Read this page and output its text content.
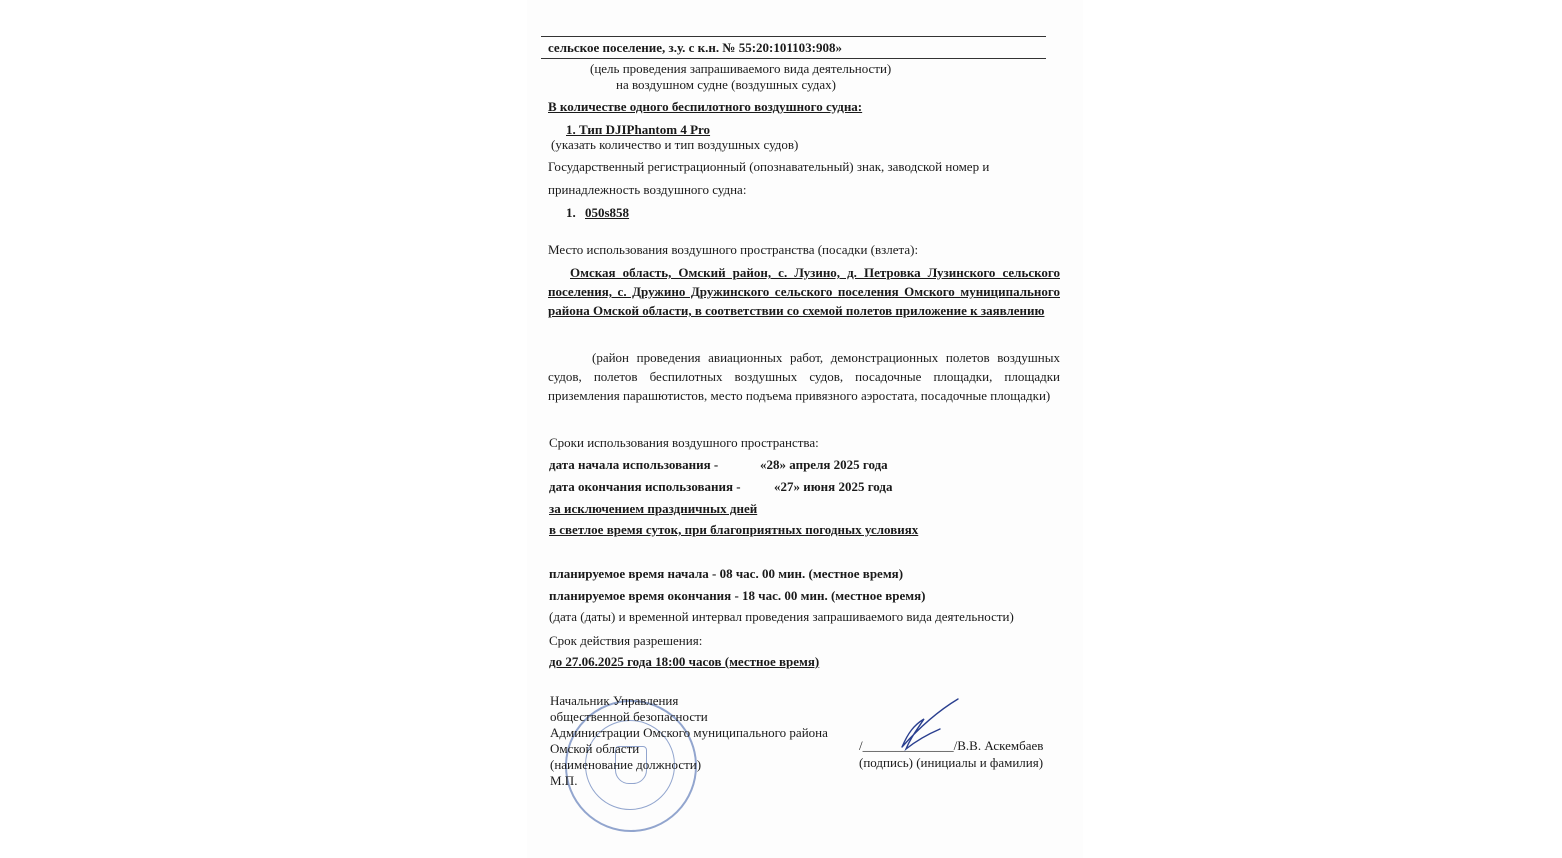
сельское поселение, з.у. с к.н. № 55:20:101103:908»
(цель проведения запрашиваемого вида деятельности)
на воздушном судне (воздушных судах)
В количестве одного беспилотного воздушного судна:
1. Тип DJIPhantom 4 Pro
(указать количество и тип воздушных судов)
Государственный регистрационный (опознавательный) знак, заводской номер и
принадлежность воздушного судна:
1. 050s858
Место использования воздушного пространства (посадки (взлета):
Омская область, Омский район, с. Лузино, д. Петровка Лузинского сельского поселения, с. Дружино Дружинского сельского поселения Омского муниципального района Омской области, в соответствии со схемой полетов приложение к заявлению
(район проведения авиационных работ, демонстрационных полетов воздушных судов, полетов беспилотных воздушных судов, посадочные площадки, площадки приземления парашютистов, место подъема привязного аэростата, посадочные площадки)
Сроки использования воздушного пространства:
дата начала использования -	«28» апреля 2025 года
дата окончания использования -	«27» июня 2025 года
за исключением праздничных дней
в светлое время суток, при благоприятных погодных условиях
планируемое время начала - 08 час. 00 мин. (местное время)
планируемое время окончания - 18 час. 00 мин. (местное время)
(дата (даты) и временной интервал проведения запрашиваемого вида деятельности)
Срок действия разрешения:
до 27.06.2025 года 18:00 часов (местное время)
Начальник Управления
общественной безопасности
Администрации Омского муниципального района
Омской области
(наименование должности)
М.П.
/______________/В.В. Аскембаев
(подпись) (инициалы и фамилия)
